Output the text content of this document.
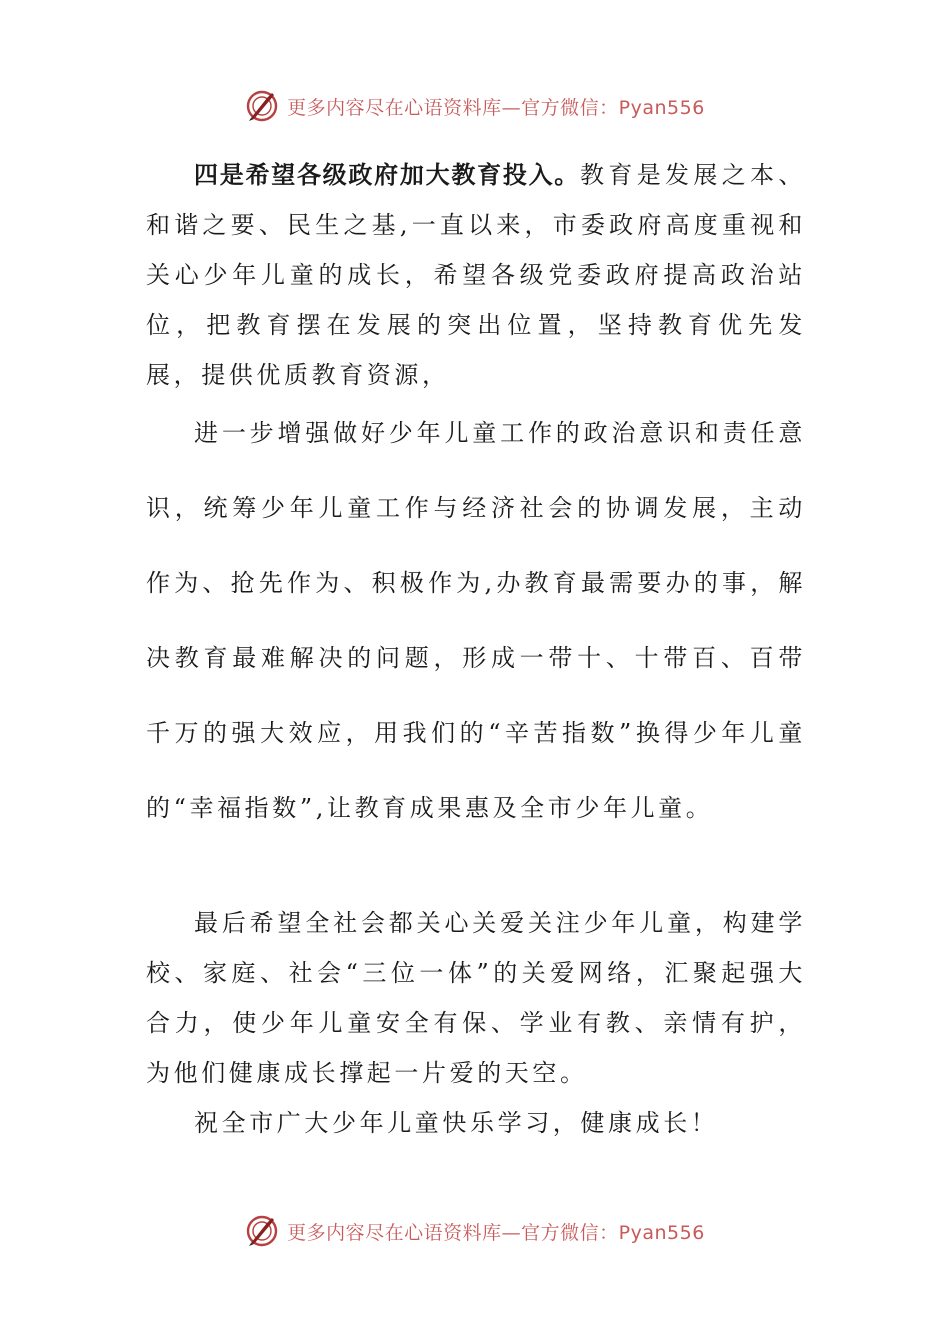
更多内容尽在心语资料库—官方微信：Pyan556

四是希望各级政府加大教育投入。教育是发展之本、和谐之要、民生之基,一直以来，市委政府高度重视和关心少年儿童的成长，希望各级党委政府提高政治站位，把教育摆在发展的突出位置，坚持教育优先发展，提供优质教育资源，

进一步增强做好少年儿童工作的政治意识和责任意识，统筹少年儿童工作与经济社会的协调发展，主动作为、抢先作为、积极作为,办教育最需要办的事，解决教育最难解决的问题，形成一带十、十带百、百带千万的强大效应，用我们的“辛苦指数”换得少年儿童的“幸福指数”,让教育成果惠及全市少年儿童。

最后希望全社会都关心关爱关注少年儿童，构建学校、家庭、社会“三位一体”的关爱网络，汇聚起强大合力，使少年儿童安全有保、学业有教、亲情有护，为他们健康成长撑起一片爱的天空。

祝全市广大少年儿童快乐学习，健康成长！

更多内容尽在心语资料库—官方微信：Pyan556
